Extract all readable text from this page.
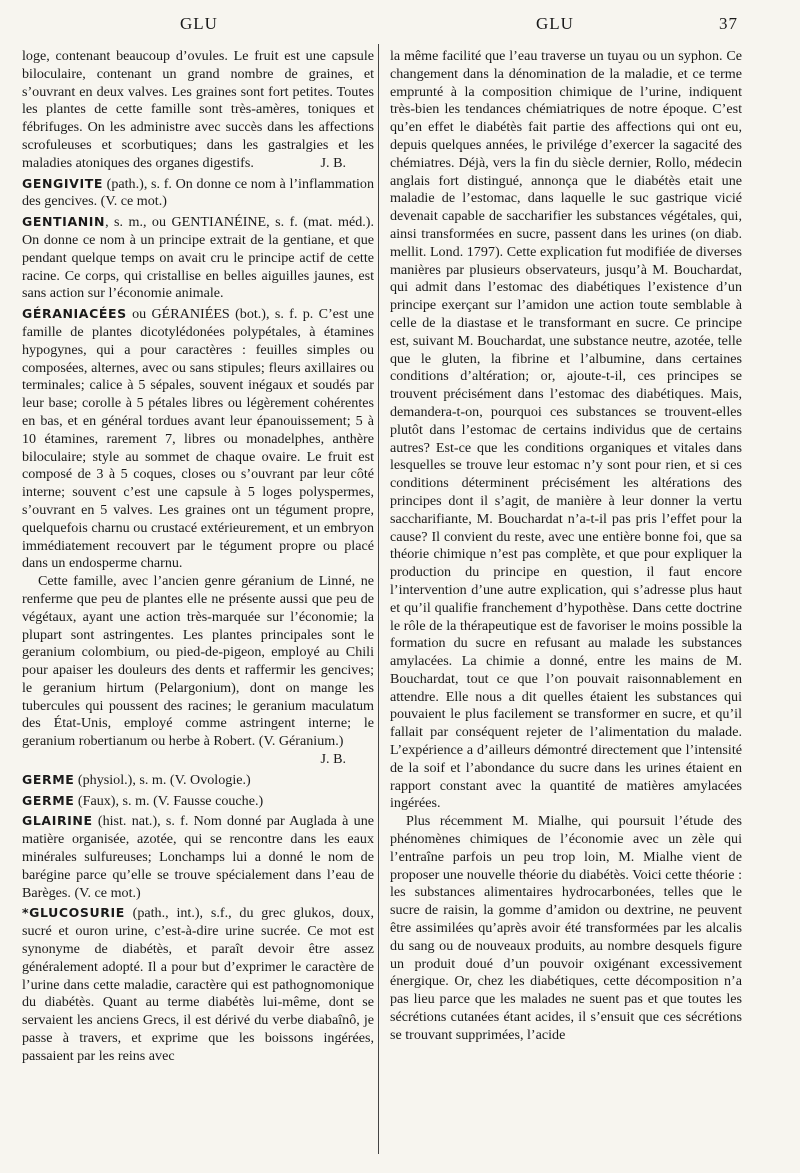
GLU	GLU	37

loge, contenant beaucoup d’ovules. Le fruit est une capsule biloculaire, contenant un grand nombre de graines, et s’ouvrant en deux valves. Les graines sont fort petites. Toutes les plantes de cette famille sont très-amères, toniques et fébrifuges. On les administre avec succès dans les affections scrofuleuses et scorbutiques; dans les gastralgies et les maladies atoniques des organes digestifs.	J. B.

GENGIVITE (path.), s. f. On donne ce nom à l’inflammation des gencives. (V. ce mot.)

GENTIANIN, s. m., ou GENTIANÉINE, s. f. (mat. méd.). On donne ce nom à un principe extrait de la gentiane, et que pendant quelque temps on avait cru le principe actif de cette racine. Ce corps, qui cristallise en belles aiguilles jaunes, est sans action sur l’économie animale.

GÉRANIACÉES ou GÉRANIÉES (bot.), s. f. p. C’est une famille de plantes dicotylédonées polypétales, à étamines hypogynes, qui a pour caractères : feuilles simples ou composées, alternes, avec ou sans stipules; fleurs axillaires ou terminales; calice à 5 sépales, souvent inégaux et soudés par leur base; corolle à 5 pétales libres ou légèrement cohérentes en bas, et en général tordues avant leur épanouissement; 5 à 10 étamines, rarement 7, libres ou monadelphes, anthère biloculaire; style au sommet de chaque ovaire. Le fruit est composé de 3 à 5 coques, closes ou s’ouvrant par leur côté interne; souvent c’est une capsule à 5 loges polyspermes, s’ouvrant en 5 valves. Les graines ont un tégument propre, quelquefois charnu ou crustacé extérieurement, et un embryon immédiatement recouvert par le tégument propre ou placé dans un endosperme charnu.

Cette famille, avec l’ancien genre géranium de Linné, ne renferme que peu de plantes elle ne présente aussi que peu de végétaux, ayant une action très-marquée sur l’économie; la plupart sont astringentes. Les plantes principales sont le geranium colombium, ou pied-de-pigeon, employé au Chili pour apaiser les douleurs des dents et raffermir les gencives; le geranium hirtum (Pelargonium), dont on mange les tubercules qui poussent des racines; le geranium maculatum des État-Unis, employé comme astringent interne; le geranium robertianum ou herbe à Robert. (V. Géranium.)
J. B.

GERME (physiol.), s. m. (V. Ovologie.)

GERME (Faux), s. m. (V. Fausse couche.)

GLAIRINE (hist. nat.), s. f. Nom donné par Auglada à une matière organisée, azotée, qui se rencontre dans les eaux minérales sulfureuses; Lonchamps lui a donné le nom de barégine parce qu’elle se trouve spécialement dans l’eau de Barèges. (V. ce mot.)

*GLUCOSURIE (path., int.), s.f., du grec glukos, doux, sucré et ouron urine, c’est-à-dire urine sucrée. Ce mot est synonyme de diabétès, et paraît devoir être assez généralement adopté. Il a pour but d’exprimer le caractère de l’urine dans cette maladie, caractère qui est pathognomonique du diabétès. Quant au terme diabétès lui-même, dont se servaient les anciens Grecs, il est dérivé du verbe diabaînô, je passe à travers, et exprime que les boissons ingérées, passaient par les reins avec

la même facilité que l’eau traverse un tuyau ou un syphon. Ce changement dans la dénomination de la maladie, et ce terme emprunté à la composition chimique de l’urine, indiquent très-bien les tendances chémiatriques de notre époque. C’est qu’en effet le diabétès fait partie des affections qui ont eu, depuis quelques années, le privilége d’exercer la sagacité des chémiatres. Déjà, vers la fin du siècle dernier, Rollo, médecin anglais fort distingué, annonça que le diabétès etait une maladie de l’estomac, dans laquelle le suc gastrique vicié devenait capable de saccharifier les substances végétales, qui, ainsi transformées en sucre, passent dans les urines (on diab. mellit. Lond. 1797). Cette explication fut modifiée de diverses manières par plusieurs observateurs, jusqu’à M. Bouchardat, qui admit dans l’estomac des diabétiques l’existence d’un principe exerçant sur l’amidon une action toute semblable à celle de la diastase et le transformant en sucre. Ce principe est, suivant M. Bouchardat, une substance neutre, azotée, telle que le gluten, la fibrine et l’albumine, dans certaines conditions d’altération; or, ajoute-t-il, ces principes se trouvent précisément dans l’estomac des diabétiques. Mais, demandera-t-on, pourquoi ces substances se trouvent-elles plutôt dans l’estomac de certains individus que de certains autres? Est-ce que les conditions organiques et vitales dans lesquelles se trouve leur estomac n’y sont pour rien, et si ces conditions déterminent précisément les altérations des principes dont il s’agit, de manière à leur donner la vertu saccharifiante, M. Bouchardat n’a-t-il pas pris l’effet pour la cause? Il convient du reste, avec une entière bonne foi, que sa théorie chimique n’est pas complète, et que pour expliquer la production du principe en question, il faut encore l’intervention d’une autre explication, qui s’adresse plus haut et qu’il qualifie franchement d’hypothèse. Dans cette doctrine le rôle de la thérapeutique est de favoriser le moins possible la formation du sucre en refusant au malade les substances amylacées. La chimie a donné, entre les mains de M. Bouchardat, tout ce que l’on pouvait raisonnablement en attendre. Elle nous a dit quelles étaient les substances qui pouvaient le plus facilement se transformer en sucre, et qu’il fallait par conséquent rejeter de l’alimentation du malade. L’expérience a d’ailleurs démontré directement que l’intensité de la soif et l’abondance du sucre dans les urines étaient en rapport constant avec la quantité de matières amylacées ingérées.

Plus récemment M. Mialhe, qui poursuit l’étude des phénomènes chimiques de l’économie avec un zèle qui l’entraîne parfois un peu trop loin, M. Mialhe vient de proposer une nouvelle théorie du diabétès. Voici cette théorie : les substances alimentaires hydrocarbonées, telles que le sucre de raisin, la gomme d’amidon ou dextrine, ne peuvent être assimilées qu’après avoir été transformées par les alcalis du sang ou de nouveaux produits, au nombre desquels figure un produit doué d’un pouvoir oxigénant excessivement énergique. Or, chez les diabétiques, cette décomposition n’a pas lieu parce que les malades ne suent pas et que toutes les sécrétions cutanées étant acides, il s’ensuit que ces sécrétions se trouvant supprimées, l’acide
